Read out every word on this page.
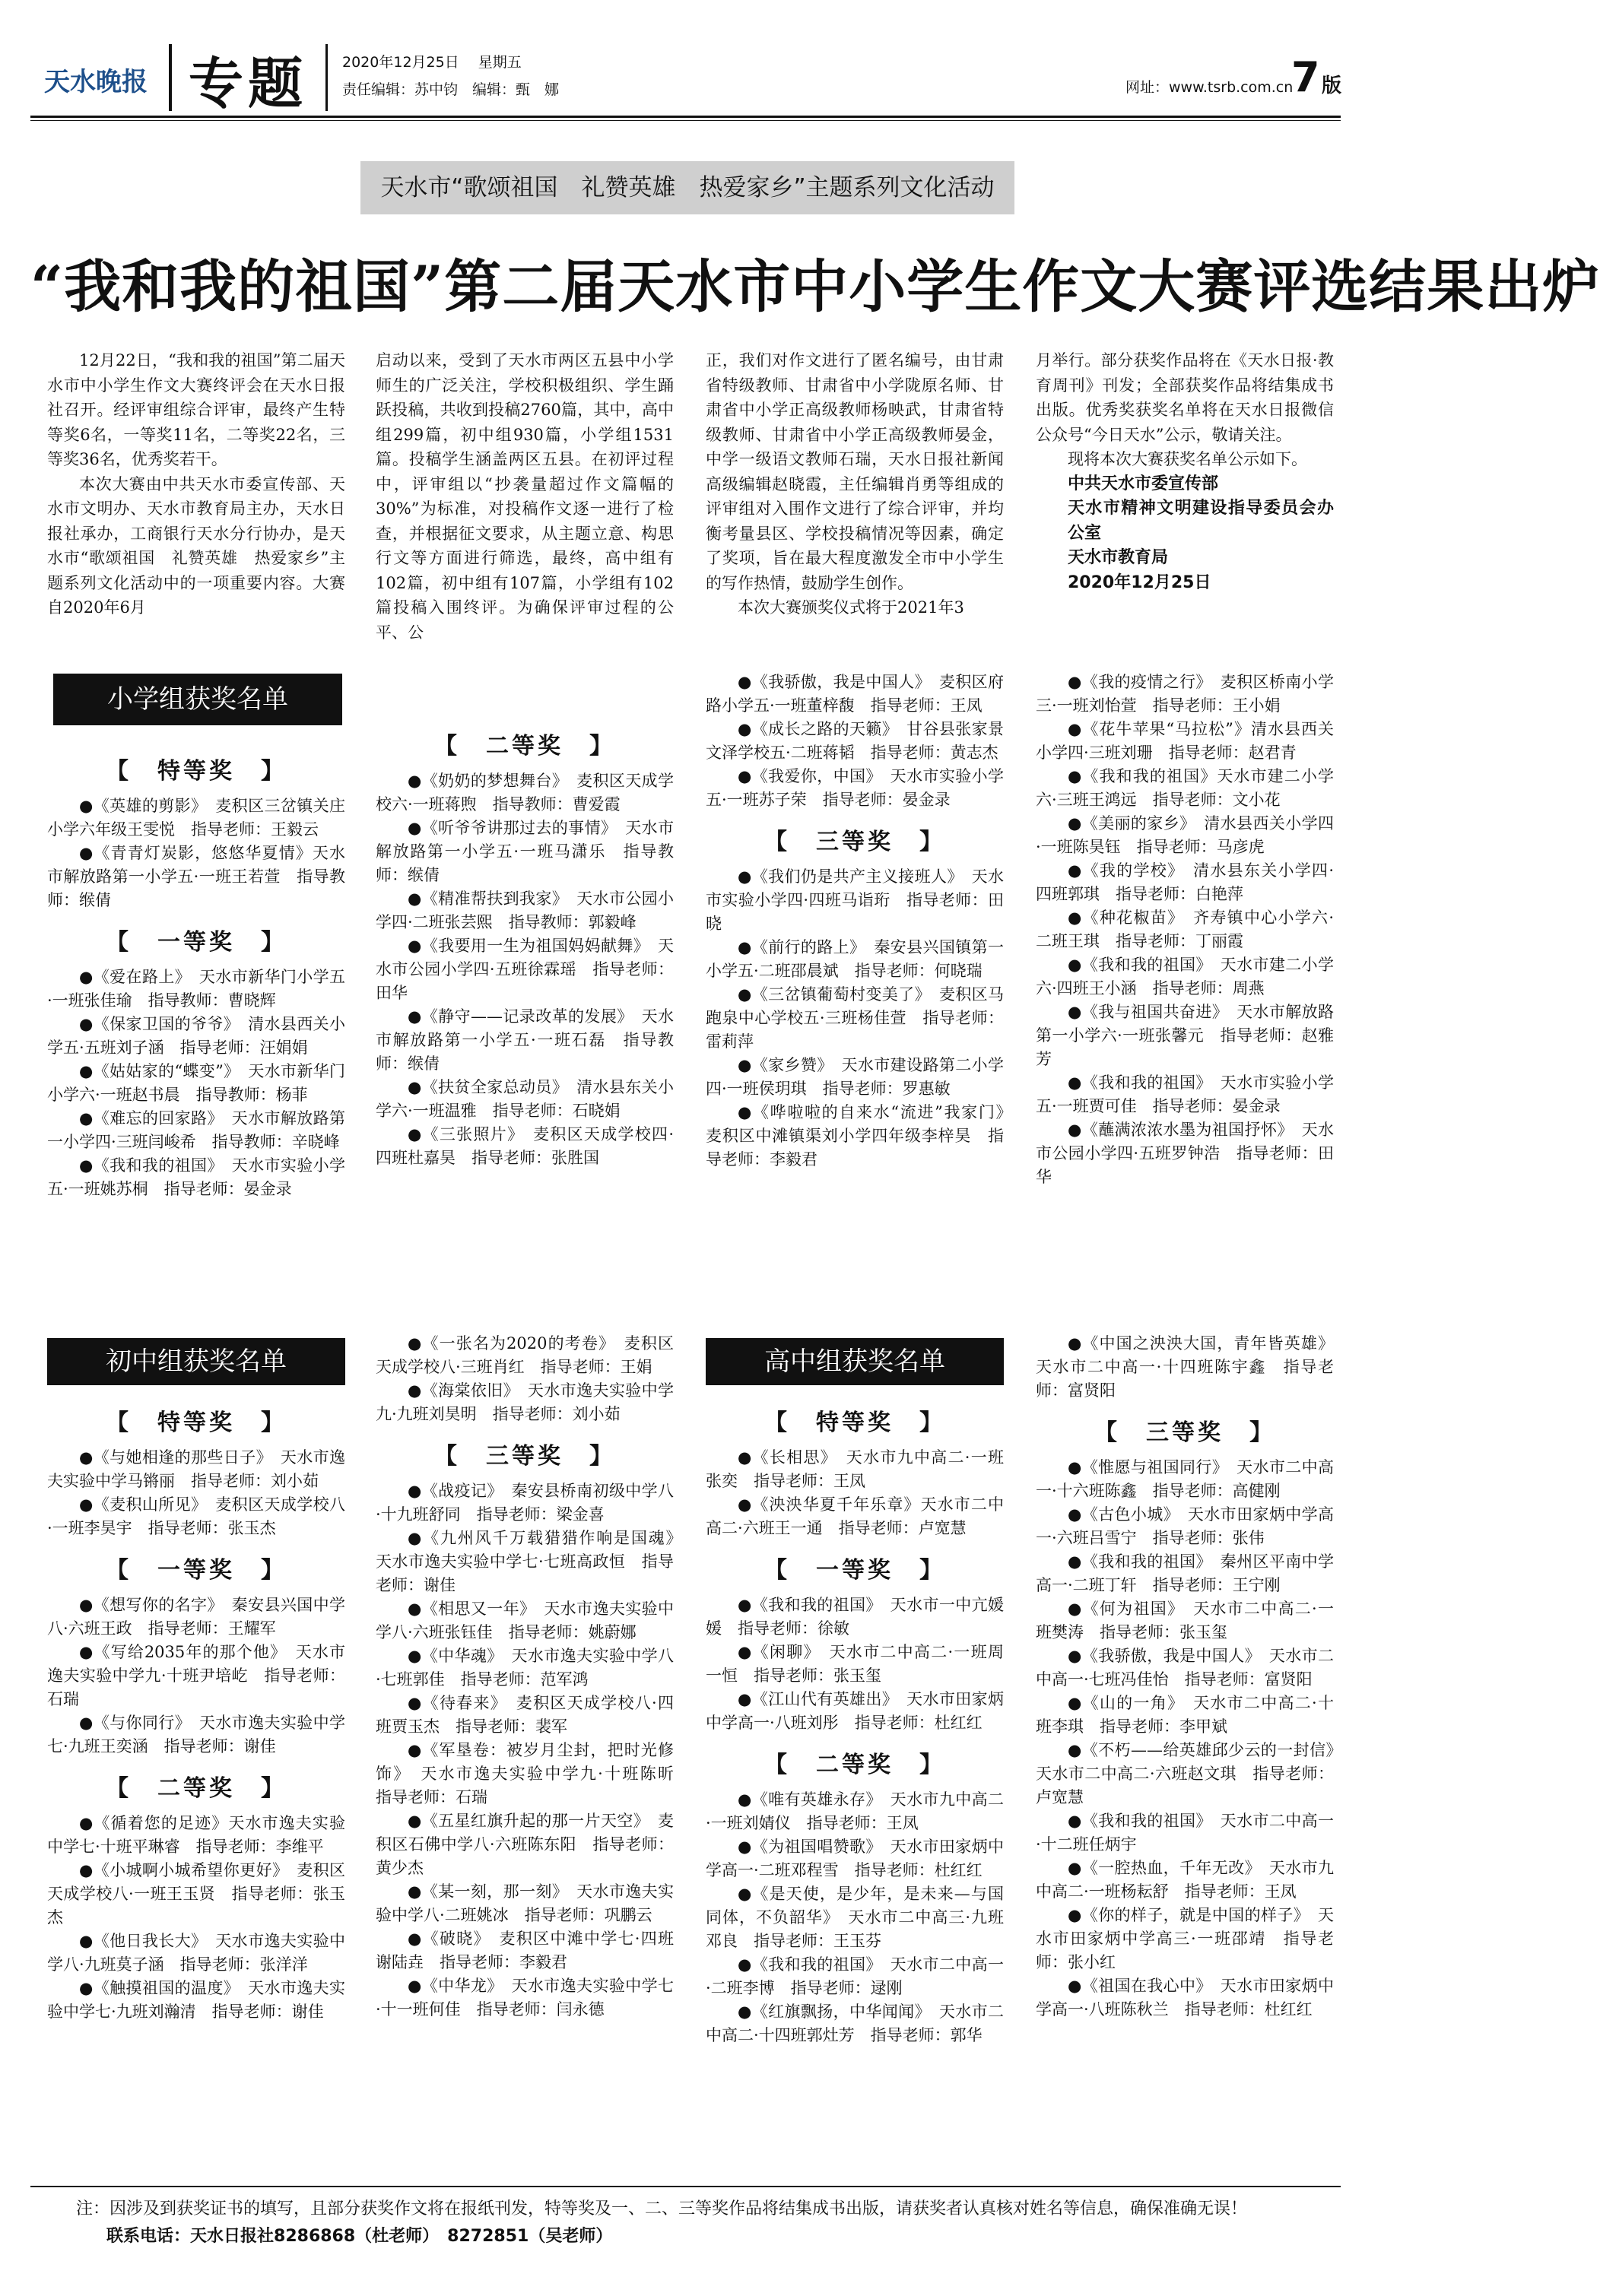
天水晚报 专题 2020年12月25日　 星期五
责任编辑：苏中钧　编辑：甄　娜	网址：www.tsrb.com.cn
7 版
天水市“歌颂祖国　礼赞英雄　热爱家乡”主题系列文化活动
“我和我的祖国”第二届天水市中小学生作文大赛评选结果出炉

12月22日，“我和我的祖国”第二届天水市中小学生作文大赛终评会在天水日报社召开。经评审组综合评审，最终产生特等奖6名，一等奖11名，二等奖22名，三等奖36名，优秀奖若干。

本次大赛由中共天水市委宣传部、天水市文明办、天水市教育局主办，天水日报社承办，工商银行天水分行协办，是天水市“歌颂祖国　礼赞英雄　热爱家乡”主题系列文化活动中的一项重要内容。大赛自2020年6月

启动以来，受到了天水市两区五县中小学师生的广泛关注，学校积极组织、学生踊跃投稿，共收到投稿2760篇，其中，高中组299篇，初中组930篇，小学组1531篇。投稿学生涵盖两区五县。在初评过程中，评审组以“抄袭量超过作文篇幅的30%”为标准，对投稿作文逐一进行了检查，并根据征文要求，从主题立意、构思行文等方面进行筛选，最终，高中组有102篇，初中组有107篇，小学组有102篇投稿入围终评。为确保评审过程的公平、公
正，我们对作文进行了匿名编号，由甘肃省特级教师、甘肃省中小学陇原名师、甘肃省中小学正高级教师杨映武，甘肃省特级教师、甘肃省中小学正高级教师晏金，中学一级语文教师石瑞，天水日报社新闻高级编辑赵晓霞，主任编辑肖勇等组成的评审组对入围作文进行了综合评审，并均衡考量县区、学校投稿情况等因素，确定了奖项，旨在最大程度激发全市中小学生的写作热情，鼓励学生创作。

本次大赛颁奖仪式将于2021年3

月举行。部分获奖作品将在《天水日报·教育周刊》刊发；全部获奖作品将结集成书出版。优秀奖获奖名单将在天水日报微信公众号“今日天水”公示，敬请关注。

现将本次大赛获奖名单公示如下。

中共天水市委宣传部
天水市精神文明建设指导委员会办公室
天水市教育局
2020年12月25日
小学组获奖名单
【　特等奖　】

●《英雄的剪影》　麦积区三岔镇关庄小学六年级王雯悦　指导老师：王毅云

●《青青灯炭影，悠悠华夏情》天水市解放路第一小学五·一班王若萱　指导教师：缑倩

【　一等奖　】

●《爱在路上》　天水市新华门小学五·一班张佳瑜　指导教师：曹晓辉

●《保家卫国的爷爷》　清水县西关小学五·五班刘子涵　指导老师：汪娟娟

●《姑姑家的“蝶变”》　天水市新华门小学六·一班赵书晨　指导教师：杨菲

●《难忘的回家路》　天水市解放路第一小学四·三班闫峻希　指导教师：辛晓峰

●《我和我的祖国》　天水市实验小学五·一班姚苏桐　指导老师：晏金录

【　二等奖　】

●《奶奶的梦想舞台》　麦积区天成学校六·一班蒋煦　指导教师：曹爱霞

●《听爷爷讲那过去的事情》　天水市解放路第一小学五·一班马潇乐　指导教师：缑倩

●《精准帮扶到我家》　天水市公园小学四·二班张芸熙　指导教师：郭毅峰

●《我要用一生为祖国妈妈献舞》　天水市公园小学四·五班徐霖瑶　指导老师：田华

●《静守——记录改革的发展》　天水市解放路第一小学五·一班石磊　指导教师：缑倩

●《扶贫全家总动员》　清水县东关小学六·一班温雅　指导老师：石晓娟

●《三张照片》　麦积区天成学校四·四班杜嘉昊　指导老师：张胜国

●《我骄傲，我是中国人》　麦积区府路小学五·一班董梓馥　指导老师：王凤

●《成长之路的天籁》　甘谷县张家景文泽学校五·二班蒋韬　指导老师：黄志杰

●《我爱你，中国》　天水市实验小学五·一班苏子荣　指导老师：晏金录

【　三等奖　】

●《我们仍是共产主义接班人》　天水市实验小学四·四班马诣珩　指导老师：田晓

●《前行的路上》　秦安县兴国镇第一小学五·二班邵晨斌　指导老师：何晓瑞

●《三岔镇葡萄村变美了》　麦积区马跑泉中心学校五·三班杨佳萱　指导老师：雷莉萍

●《家乡赞》　天水市建设路第二小学四·一班侯玥琪　指导老师：罗惠敏

●《哗啦啦的自来水“流进”我家门》　麦积区中滩镇渠刘小学四年级李梓昊　指导老师：李毅君

●《我的疫情之行》　麦积区桥南小学三·一班刘怡萱　指导老师：王小娟

●《花牛苹果“马拉松”》清水县西关小学四·三班刘珊　指导老师：赵君青

●《我和我的祖国》天水市建二小学六·三班王鸿远　指导老师：文小花

●《美丽的家乡》　清水县西关小学四·一班陈昊钰　指导老师：马彦虎

●《我的学校》　清水县东关小学四·四班郭琪　指导老师：白艳萍

●《种花椒苗》　齐寿镇中心小学六·二班王琪　指导老师：丁丽霞

●《我和我的祖国》　天水市建二小学六·四班王小涵　指导老师：周燕

●《我与祖国共奋进》　天水市解放路第一小学六·一班张馨元　指导老师：赵雅芳

●《我和我的祖国》　天水市实验小学五·一班贾可佳　指导老师：晏金录

●《蘸满浓浓水墨为祖国抒怀》　天水市公园小学四·五班罗钟浩　指导老师：田华

初中组获奖名单
【　特等奖　】

●《与她相逢的那些日子》　天水市逸夫实验中学马锵丽　指导老师：刘小茹

●《麦积山所见》　麦积区天成学校八·一班李昊宇　指导老师：张玉杰

【　一等奖　】

●《想写你的名字》　秦安县兴国中学八·六班王政　指导老师：王耀军

●《写给2035年的那个他》　天水市逸夫实验中学九·十班尹培屹　指导老师：石瑞

●《与你同行》　天水市逸夫实验中学七·九班王奕涵　指导老师：谢佳

【　二等奖　】

●《循着您的足迹》天水市逸夫实验中学七·十班平琳睿　指导老师：李维平

●《小城啊小城希望你更好》　麦积区天成学校八·一班王玉贤　指导老师：张玉杰

●《他日我长大》　天水市逸夫实验中学八·九班莫子涵　指导老师：张洋洋

●《触摸祖国的温度》　天水市逸夫实验中学七·九班刘瀚清　指导老师：谢佳

●《一张名为2020的考卷》　麦积区天成学校八·三班肖红　指导老师：王娟

●《海棠依旧》　天水市逸夫实验中学九·九班刘昊明　指导老师：刘小茹

【　三等奖　】

●《战疫记》　秦安县桥南初级中学八·十九班舒同　指导老师：梁金喜

●《九州风千万载猎猎作响是国魂》　天水市逸夫实验中学七·七班高政恒　指导老师：谢佳

●《相思又一年》　天水市逸夫实验中学八·六班张钰佳　指导老师：姚蔚娜

●《中华魂》　天水市逸夫实验中学八·七班郭佳　指导老师：范军鸿

●《待春来》　麦积区天成学校八·四班贾玉杰　指导老师：裴军

●《军垦卷：被岁月尘封，把时光修饰》　天水市逸夫实验中学九·十班陈昕　指导老师：石瑞

●《五星红旗升起的那一片天空》　麦积区石佛中学八·六班陈东阳　指导老师：黄少杰

●《某一刻，那一刻》　天水市逸夫实验中学八·二班姚冰　指导老师：巩鹏云

●《破晓》　麦积区中滩中学七·四班谢陆垚　指导老师：李毅君

●《中华龙》　天水市逸夫实验中学七·十一班何佳　指导老师：闫永德

高中组获奖名单
【　特等奖　】

●《长相思》　天水市九中高二·一班张奕　指导老师：王凤

●《泱泱华夏千年乐章》天水市二中高二·六班王一通　指导老师：卢宽慧

【　一等奖　】

●《我和我的祖国》　天水市一中亢媛媛　指导老师：徐敏

●《闲聊》　天水市二中高二·一班周一恒　指导老师：张玉玺

●《江山代有英雄出》　天水市田家炳中学高一·八班刘彤　指导老师：杜红红

【　二等奖　】

●《唯有英雄永存》　天水市九中高二·一班刘婧仪　指导老师：王凤

●《为祖国唱赞歌》　天水市田家炳中学高一·二班邓程雪　指导老师：杜红红

●《是天使，是少年，是未来—与国同体，不负韶华》　天水市二中高三·九班邓良　指导老师：王玉芬

●《我和我的祖国》　天水市二中高一·二班李博　指导老师：逯刚

●《红旗飘扬，中华闻闻》　天水市二中高二·十四班郭灶芳　指导老师：郭华

●《中国之泱泱大国，青年皆英雄》天水市二中高一·十四班陈宇鑫　指导老师：富贤阳

【　三等奖　】

●《惟愿与祖国同行》　天水市二中高一·十六班陈鑫　指导老师：高健刚

●《古色小城》　天水市田家炳中学高一·六班吕雪宁　指导老师：张伟

●《我和我的祖国》　秦州区平南中学高一·二班丁轩　指导老师：王宁刚

●《何为祖国》　天水市二中高二·一班樊涛　指导老师：张玉玺

●《我骄傲，我是中国人》　天水市二中高一·七班冯佳怡　指导老师：富贤阳

●《山的一角》　天水市二中高二·十班李琪　指导老师：李甲斌

●《不朽——给英雄邱少云的一封信》　天水市二中高二·六班赵文琪　指导老师：卢宽慧

●《我和我的祖国》　天水市二中高一·十二班任炳宇

●《一腔热血，千年无改》　天水市九中高二·一班杨耘舒　指导老师：王凤

●《你的样子，就是中国的样子》　天水市田家炳中学高三·一班邵靖　指导老师：张小红

●《祖国在我心中》　天水市田家炳中学高一·八班陈秋兰　指导老师：杜红红

注：因涉及到获奖证书的填写，且部分获奖作文将在报纸刊发，特等奖及一、二、三等奖作品将结集成书出版，请获奖者认真核对姓名等信息，确保准确无误！

联系电话：天水日报社8286868（杜老师）　8272851（吴老师）
